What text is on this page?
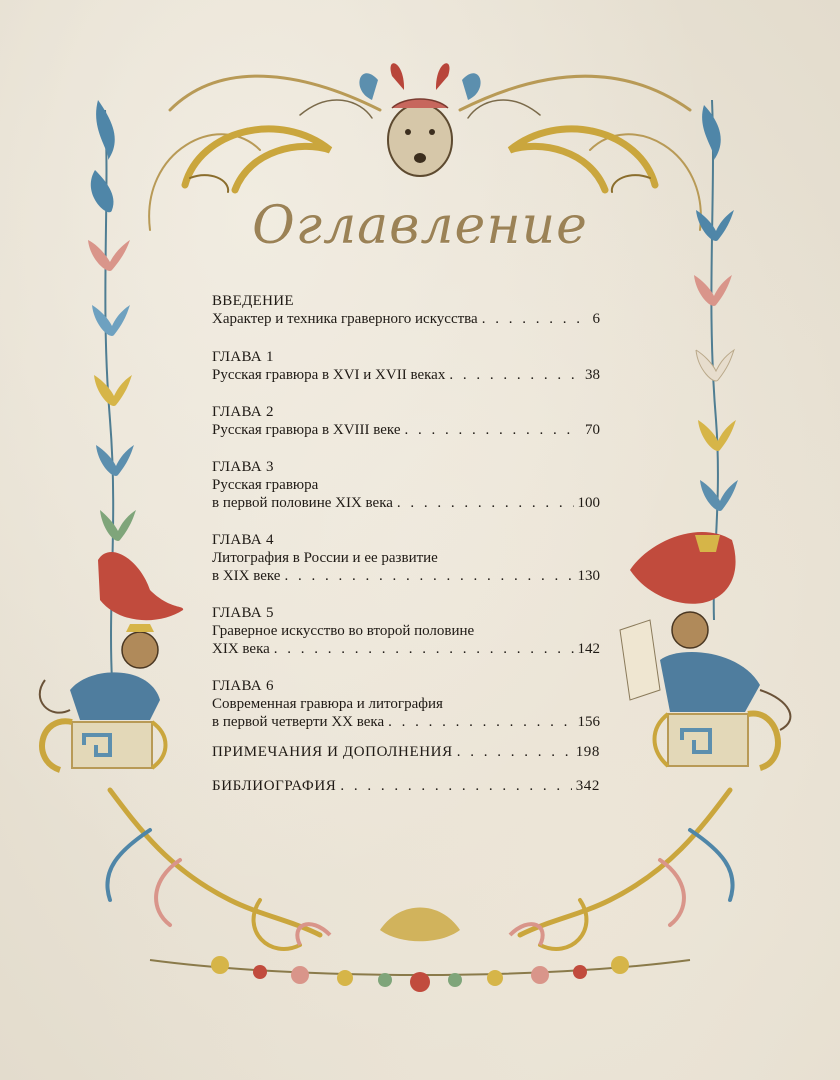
Оглавление
ВВЕДЕНИЕ
Характер и техника граверного искусства . . .	6
ГЛАВА 1
Русская гравюра в XVI и XVII веках . . .	38
ГЛАВА 2
Русская гравюра в XVIII веке . . .	70
ГЛАВА 3
Русская гравюра
в первой половине XIX века . . .	100
ГЛАВА 4
Литография в России и ее развитие
в XIX веке . . .	130
ГЛАВА 5
Граверное искусство во второй половине
XIX века . . .	142
ГЛАВА 6
Современная гравюра и литография
в первой четверти XX века . . .	156
ПРИМЕЧАНИЯ И ДОПОЛНЕНИЯ . . .	198
БИБЛИОГРАФИЯ . . .	342
